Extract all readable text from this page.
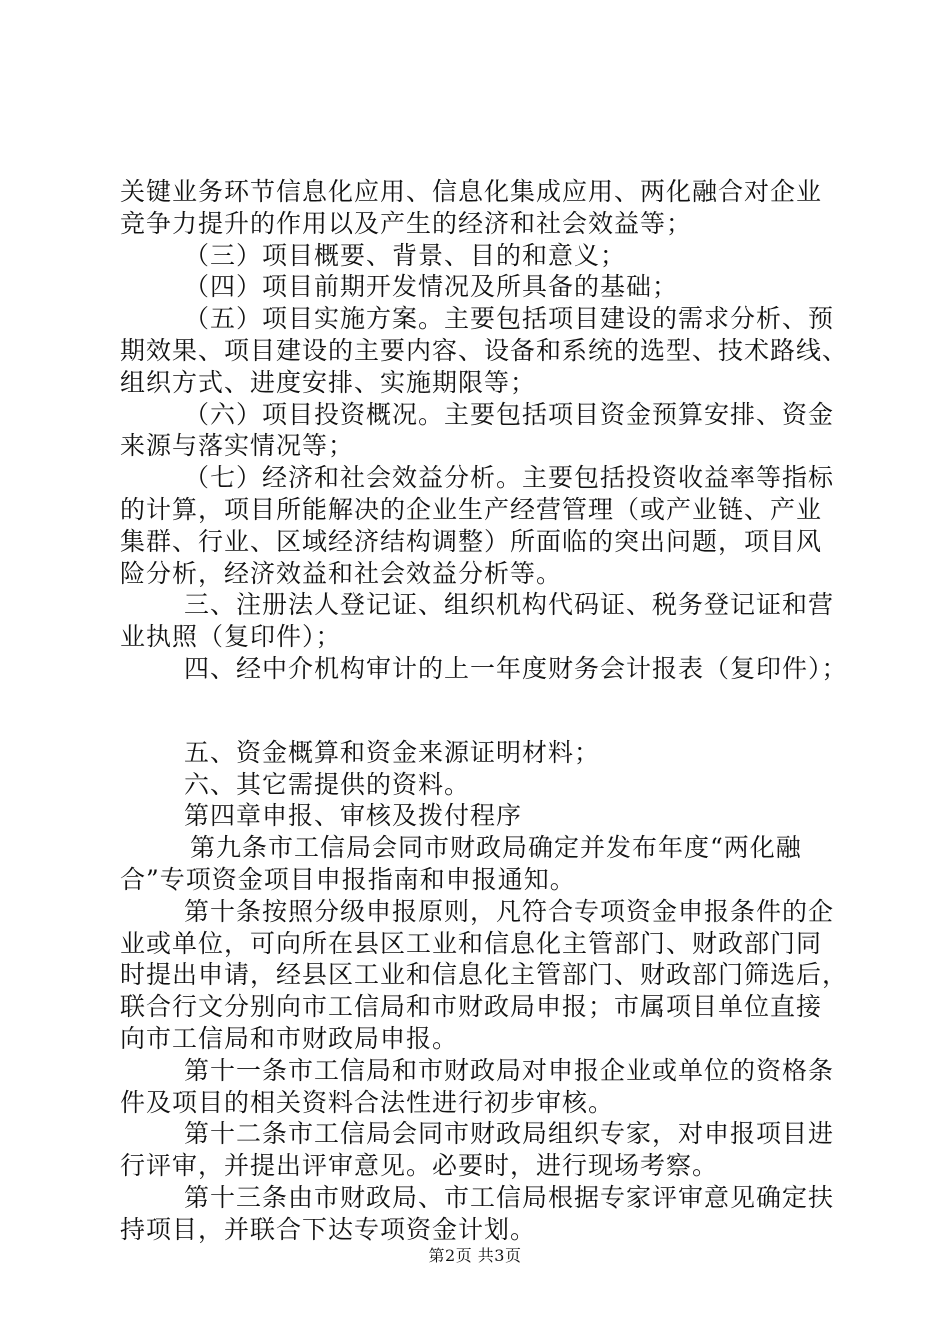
关键业务环节信息化应用、信息化集成应用、两化融合对企业
竞争力提升的作用以及产生的经济和社会效益等；
（三）项目概要、背景、目的和意义；
（四）项目前期开发情况及所具备的基础；
（五）项目实施方案。主要包括项目建设的需求分析、预
期效果、项目建设的主要内容、设备和系统的选型、技术路线、
组织方式、进度安排、实施期限等；
（六）项目投资概况。主要包括项目资金预算安排、资金
来源与落实情况等；
（七）经济和社会效益分析。主要包括投资收益率等指标
的计算，项目所能解决的企业生产经营管理（或产业链、产业
集群、行业、区域经济结构调整）所面临的突出问题，项目风
险分析，经济效益和社会效益分析等。
三、注册法人登记证、组织机构代码证、税务登记证和营
业执照（复印件）；
四、经中介机构审计的上一年度财务会计报表（复印件）；
五、资金概算和资金来源证明材料；
六、其它需提供的资料。
第四章申报、审核及拨付程序
第九条市工信局会同市财政局确定并发布年度“两化融
合”专项资金项目申报指南和申报通知。
第十条按照分级申报原则，凡符合专项资金申报条件的企
业或单位，可向所在县区工业和信息化主管部门、财政部门同
时提出申请，经县区工业和信息化主管部门、财政部门筛选后，
联合行文分别向市工信局和市财政局申报；市属项目单位直接
向市工信局和市财政局申报。
第十一条市工信局和市财政局对申报企业或单位的资格条
件及项目的相关资料合法性进行初步审核。
第十二条市工信局会同市财政局组织专家，对申报项目进
行评审，并提出评审意见。必要时，进行现场考察。
第十三条由市财政局、市工信局根据专家评审意见确定扶
持项目，并联合下达专项资金计划。
第2页 共3页
